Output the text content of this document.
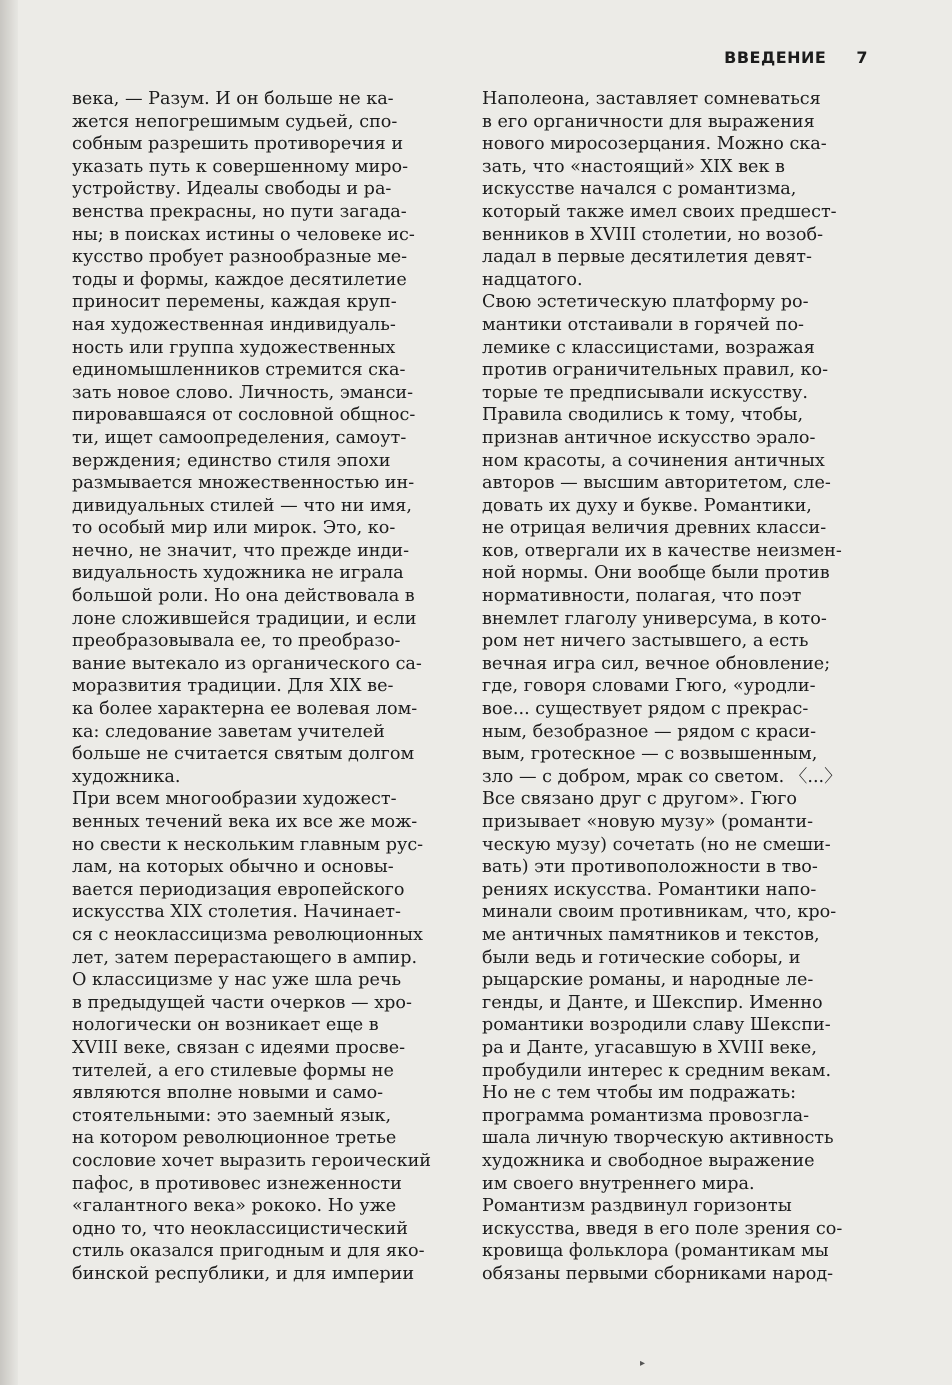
ВВЕДЕНИЕ 7

века, — Разум. И он больше не ка-
жется непогрешимым судьей, спо-
собным разрешить противоречия и
указать путь к совершенному миро-
устройству. Идеалы свободы и ра-
венства прекрасны, но пути загада-
ны; в поисках истины о человеке ис-
кусство пробует разнообразные ме-
тоды и формы, каждое десятилетие
приносит перемены, каждая круп-
ная художественная индивидуаль-
ность или группа художественных
единомышленников стремится ска-
зать новое слово. Личность, эманси-
пировавшаяся от сословной общнос-
ти, ищет самоопределения, самоут-
верждения; единство стиля эпохи
размывается множественностью ин-
дивидуальных стилей — что ни имя,
то особый мир или мирок. Это, ко-
нечно, не значит, что прежде инди-
видуальность художника не играла
большой роли. Но она действовала в
лоне сложившейся традиции, и если
преобразовывала ее, то преобразо-
вание вытекало из органического са-
моразвития традиции. Для XIX ве-
ка более характерна ее волевая лом-
ка: следование заветам учителей
больше не считается святым долгом
художника.

При всем многообразии художест-
венных течений века их все же мож-
но свести к нескольким главным рус-
лам, на которых обычно и основы-
вается периодизация европейского
искусства XIX столетия. Начинает-
ся с неоклассицизма революционных
лет, затем перерастающего в ампир.
О классицизме у нас уже шла речь
в предыдущей части очерков — хро-
нологически он возникает еще в
XVIII веке, связан с идеями просве-
тителей, а его стилевые формы не
являются вполне новыми и само-
стоятельными: это заемный язык,
на котором революционное третье
сословие хочет выразить героический
пафос, в противовес изнеженности
«галантного века» рококо. Но уже
одно то, что неоклассицистический
стиль оказался пригодным и для яко-
бинской республики, и для империи

Наполеона, заставляет сомневаться
в его органичности для выражения
нового миросозерцания. Можно ска-
зать, что «настоящий» XIX век в
искусстве начался с романтизма,
который также имел своих предшест-
венников в XVIII столетии, но возоб-
ладал в первые десятилетия девят-
надцатого.

Свою эстетическую платформу ро-
мантики отстаивали в горячей по-
лемике с классицистами, возражая
против ограничительных правил, ко-
торые те предписывали искусству.
Правила сводились к тому, чтобы,
признав античное искусство эрало-
ном красоты, а сочинения античных
авторов — высшим авторитетом, сле-
довать их духу и букве. Романтики,
не отрицая величия древних класси-
ков, отвергали их в качестве неизмен-
ной нормы. Они вообще были против
нормативности, полагая, что поэт
внемлет глаголу универсума, в кото-
ром нет ничего застывшего, а есть
вечная игра сил, вечное обновление;
где, говоря словами Гюго, «уродли-
вое... существует рядом с прекрас-
ным, безобразное — рядом с краси-
вым, гротескное — с возвышенным,
зло — с добром, мрак со светом. 〈...〉
Все связано друг с другом». Гюго
призывает «новую музу» (романти-
ческую музу) сочетать (но не смеши-
вать) эти противоположности в тво-
рениях искусства. Романтики напо-
минали своим противникам, что, кро-
ме античных памятников и текстов,
были ведь и готические соборы, и
рыцарские романы, и народные ле-
генды, и Данте, и Шекспир. Именно
романтики возродили славу Шекспи-
ра и Данте, угасавшую в XVIII веке,
пробудили интерес к средним векам.
Но не с тем чтобы им подражать:
программа романтизма провозгла-
шала личную творческую активность
художника и свободное выражение
им своего внутреннего мира.

Романтизм раздвинул горизонты
искусства, введя в его поле зрения со-
кровища фольклора (романтикам мы
обязаны первыми сборниками народ-

▸
